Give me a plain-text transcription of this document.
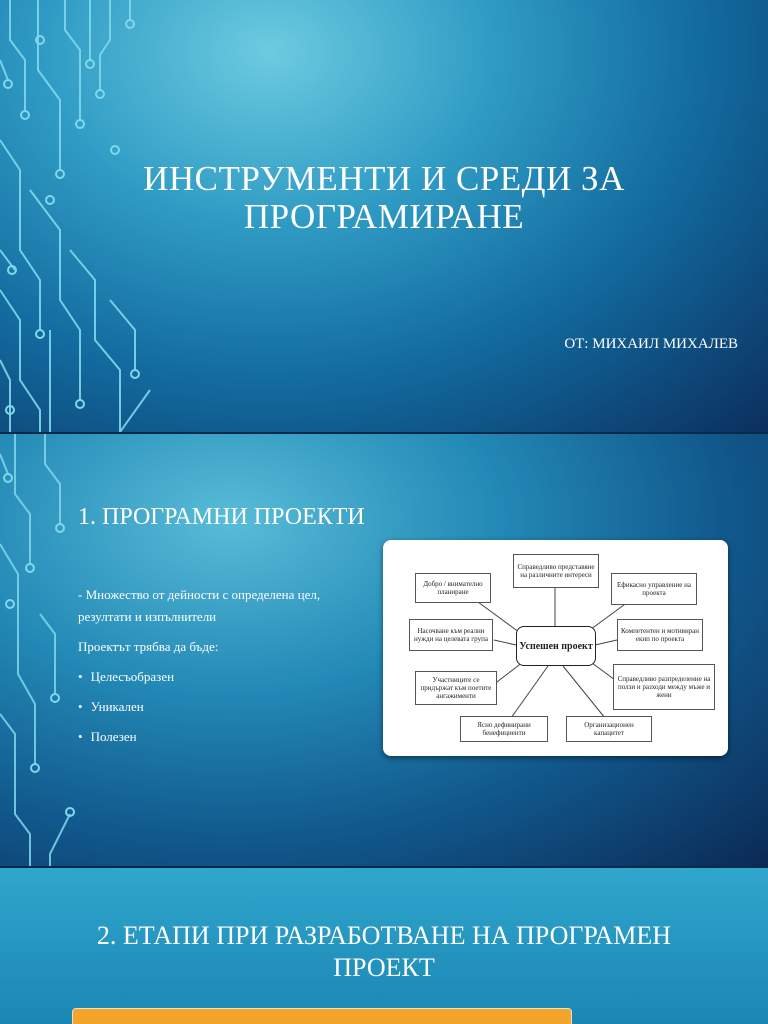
ИНСТРУМЕНТИ И СРЕДИ ЗА ПРОГРАМИРАНЕ
ОТ: МИХАИЛ МИХАЛЕВ
1. ПРОГРАМНИ ПРОЕКТИ

- Множество от дейности с определена цел, резултати и изпълнители

Проектът трябва да бъде:

• Целесъобразен
• Уникален
• Полезен
Успешен проект
Справедливо представяне на различните интереси
Добро / внимателно планиране
Ефикасно управление на проекта
Насочване към реални нужди на целевата група
Компетентен и мотивиран екип по проекта
Участниците се придържат към поетите ангажименти
Справедливо разпределение на ползи и разходи между мъже и жени
Ясно дефинирани бенефициенти
Организационен капацитет
2. ЕТАПИ ПРИ РАЗРАБОТВАНЕ НА ПРОГРАМЕН ПРОЕКТ
